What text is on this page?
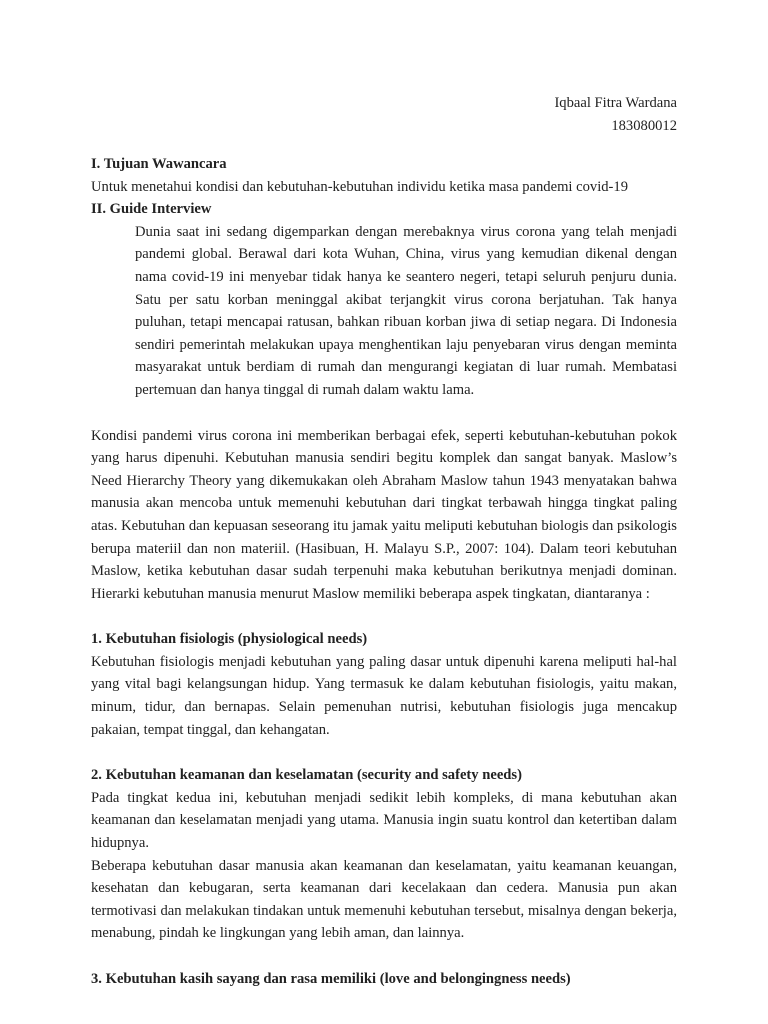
Iqbaal Fitra Wardana
183080012
I. Tujuan Wawancara
Untuk menetahui kondisi dan kebutuhan-kebutuhan individu ketika masa pandemi covid-19
II. Guide Interview
Dunia saat ini sedang digemparkan dengan merebaknya virus corona yang telah menjadi pandemi global. Berawal dari kota Wuhan, China, virus yang kemudian dikenal dengan nama covid-19 ini menyebar tidak hanya ke seantero negeri, tetapi seluruh penjuru dunia. Satu per satu korban meninggal akibat terjangkit virus corona berjatuhan. Tak hanya puluhan, tetapi mencapai ratusan, bahkan ribuan korban jiwa di setiap negara. Di Indonesia sendiri pemerintah melakukan upaya menghentikan laju penyebaran virus dengan meminta masyarakat untuk berdiam di rumah dan mengurangi kegiatan di luar rumah. Membatasi pertemuan dan hanya tinggal di rumah dalam waktu lama.
Kondisi pandemi virus corona ini memberikan berbagai efek, seperti kebutuhan-kebutuhan pokok yang harus dipenuhi. Kebutuhan manusia sendiri begitu komplek dan sangat banyak. Maslow’s Need Hierarchy Theory yang dikemukakan oleh Abraham Maslow tahun 1943 menyatakan bahwa manusia akan mencoba untuk memenuhi kebutuhan dari tingkat terbawah hingga tingkat paling atas. Kebutuhan dan kepuasan seseorang itu jamak yaitu meliputi kebutuhan biologis dan psikologis berupa materiil dan non materiil. (Hasibuan, H. Malayu S.P., 2007: 104). Dalam teori kebutuhan Maslow, ketika kebutuhan dasar sudah terpenuhi maka kebutuhan berikutnya menjadi dominan. Hierarki kebutuhan manusia menurut Maslow memiliki beberapa aspek tingkatan, diantaranya :
1. Kebutuhan fisiologis (physiological needs)
Kebutuhan fisiologis menjadi kebutuhan yang paling dasar untuk dipenuhi karena meliputi hal-hal yang vital bagi kelangsungan hidup. Yang termasuk ke dalam kebutuhan fisiologis, yaitu makan, minum, tidur, dan bernapas. Selain pemenuhan nutrisi, kebutuhan fisiologis juga mencakup pakaian, tempat tinggal, dan kehangatan.
2. Kebutuhan keamanan dan keselamatan (security and safety needs)
Pada tingkat kedua ini, kebutuhan menjadi sedikit lebih kompleks, di mana kebutuhan akan keamanan dan keselamatan menjadi yang utama. Manusia ingin suatu kontrol dan ketertiban dalam hidupnya.
Beberapa kebutuhan dasar manusia akan keamanan dan keselamatan, yaitu keamanan keuangan, kesehatan dan kebugaran, serta keamanan dari kecelakaan dan cedera. Manusia pun akan termotivasi dan melakukan tindakan untuk memenuhi kebutuhan tersebut, misalnya dengan bekerja, menabung, pindah ke lingkungan yang lebih aman, dan lainnya.
3. Kebutuhan kasih sayang dan rasa memiliki (love and belongingness needs)
